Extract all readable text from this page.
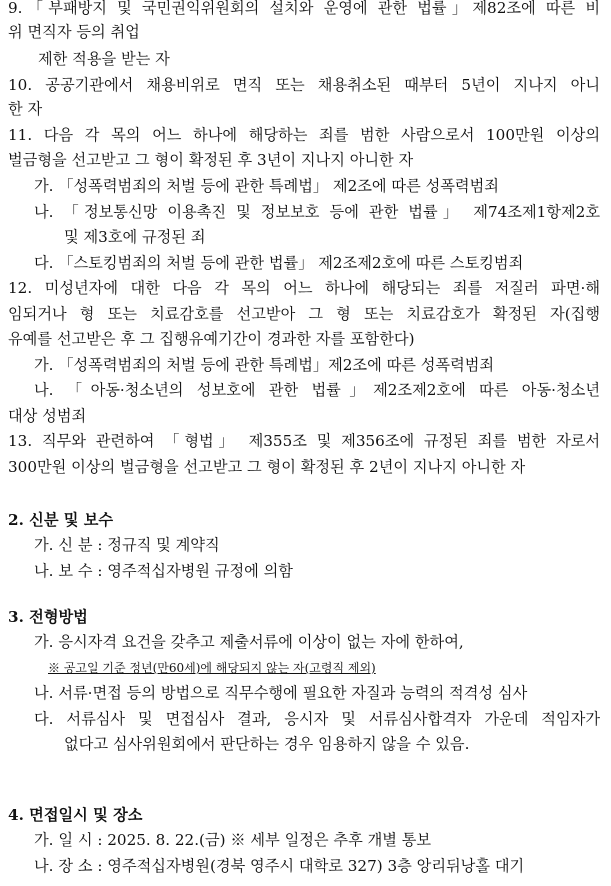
9.「부패방지 및 국민권익위원회의 설치와 운영에 관한 법률」제82조에 따른 비
위 면직자 등의 취업
제한 적용을 받는 자
10. 공공기관에서 채용비위로 면직 또는 채용취소된 때부터 5년이 지나지 아니
한 자
11. 다음 각 목의 어느 하나에 해당하는 죄를 범한 사람으로서 100만원 이상의
벌금형을 선고받고 그 형이 확정된 후 3년이 지나지 아니한 자
가. 「성폭력범죄의 처벌 등에 관한 특례법」 제2조에 따른 성폭력범죄
나. 「정보통신망 이용촉진 및 정보보호 등에 관한 법률」 제74조제1항제2호
및 제3호에 규정된 죄
다. 「스토킹범죄의 처벌 등에 관한 법률」 제2조제2호에 따른 스토킹범죄
12. 미성년자에 대한 다음 각 목의 어느 하나에 해당되는 죄를 저질러 파면·해
임되거나 형 또는 치료감호를 선고받아 그 형 또는 치료감호가 확정된 자(집행
유예를 선고받은 후 그 집행유예기간이 경과한 자를 포함한다)
가. 「성폭력범죄의 처벌 등에 관한 특례법」제2조에 따른 성폭력범죄
나. 「아동·청소년의 성보호에 관한 법률」제2조제2호에 따른 아동·청소년
대상 성범죄
13. 직무와 관련하여 「형법」 제355조 및 제356조에 규정된 죄를 범한 자로서
300만원 이상의 벌금형을 선고받고 그 형이 확정된 후 2년이 지나지 아니한 자
2. 신분 및 보수
가. 신 분 : 정규직 및 계약직
나. 보 수 : 영주적십자병원 규정에 의함
3. 전형방법
가. 응시자격 요건을 갖추고 제출서류에 이상이 없는 자에 한하여,
※ 공고일 기준 정년(만60세)에 해당되지 않는 자(고령직 제외)
나. 서류·면접 등의 방법으로 직무수행에 필요한 자질과 능력의 적격성 심사
다. 서류심사 및 면접심사 결과, 응시자 및 서류심사합격자 가운데 적임자가
없다고 심사위원회에서 판단하는 경우 임용하지 않을 수 있음.
4. 면접일시 및 장소
가. 일 시 : 2025. 8. 22.(금) ※ 세부 일정은 추후 개별 통보
나. 장 소 : 영주적십자병원(경북 영주시 대학로 327) 3층 앙리뒤낭홀 대기
